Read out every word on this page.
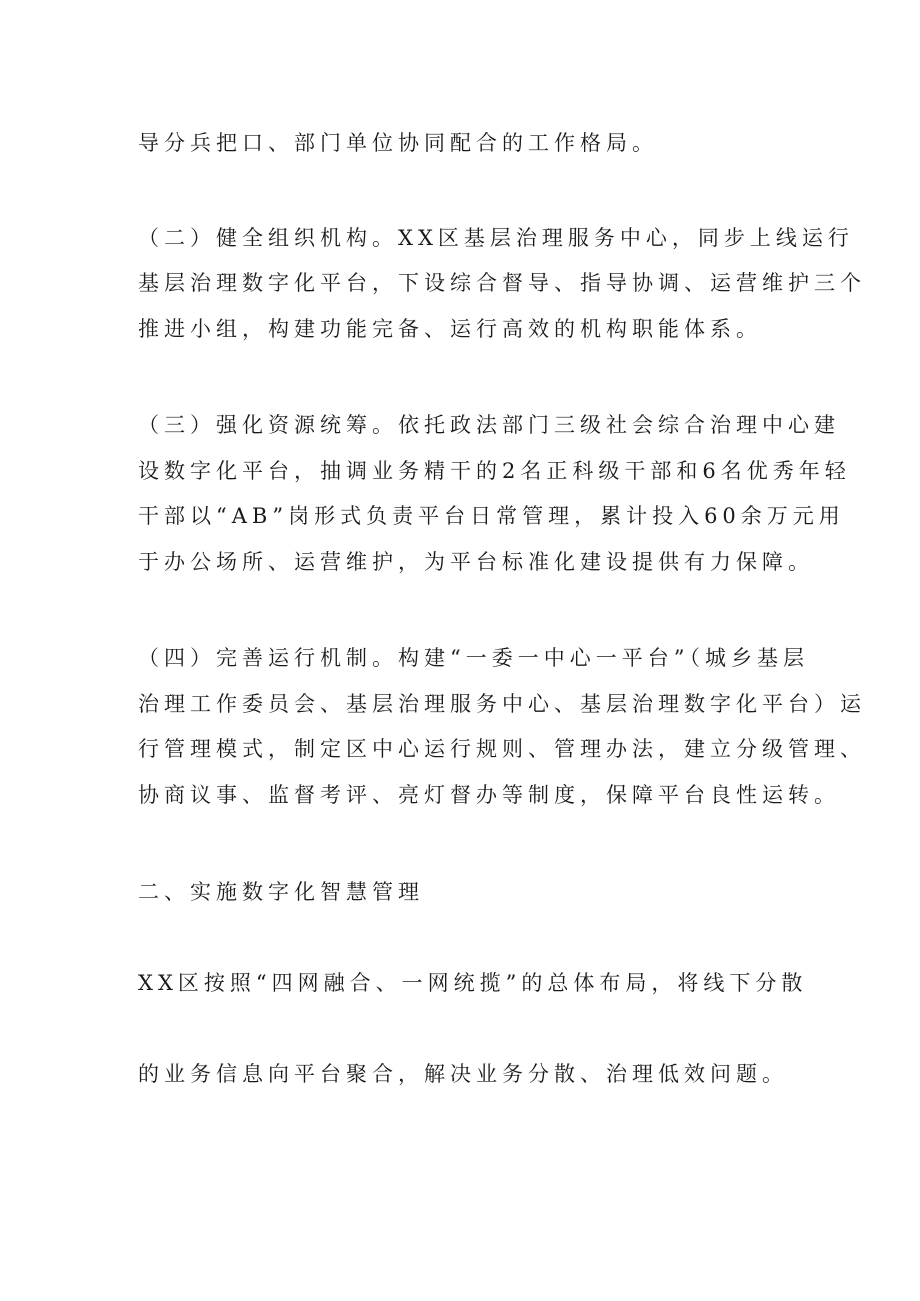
导分兵把口、部门单位协同配合的工作格局。
（二）健全组织机构。XX区基层治理服务中心，同步上线运行
基层治理数字化平台，下设综合督导、指导协调、运营维护三个
推进小组，构建功能完备、运行高效的机构职能体系。
（三）强化资源统筹。依托政法部门三级社会综合治理中心建
设数字化平台，抽调业务精干的2名正科级干部和6名优秀年轻
干部以“AB”岗形式负责平台日常管理，累计投入60余万元用
于办公场所、运营维护，为平台标准化建设提供有力保障。
（四）完善运行机制。构建“一委一中心一平台”（城乡基层
治理工作委员会、基层治理服务中心、基层治理数字化平台）运
行管理模式，制定区中心运行规则、管理办法，建立分级管理、
协商议事、监督考评、亮灯督办等制度，保障平台良性运转。
二、实施数字化智慧管理
XX区按照“四网融合、一网统揽”的总体布局，将线下分散
的业务信息向平台聚合，解决业务分散、治理低效问题。
